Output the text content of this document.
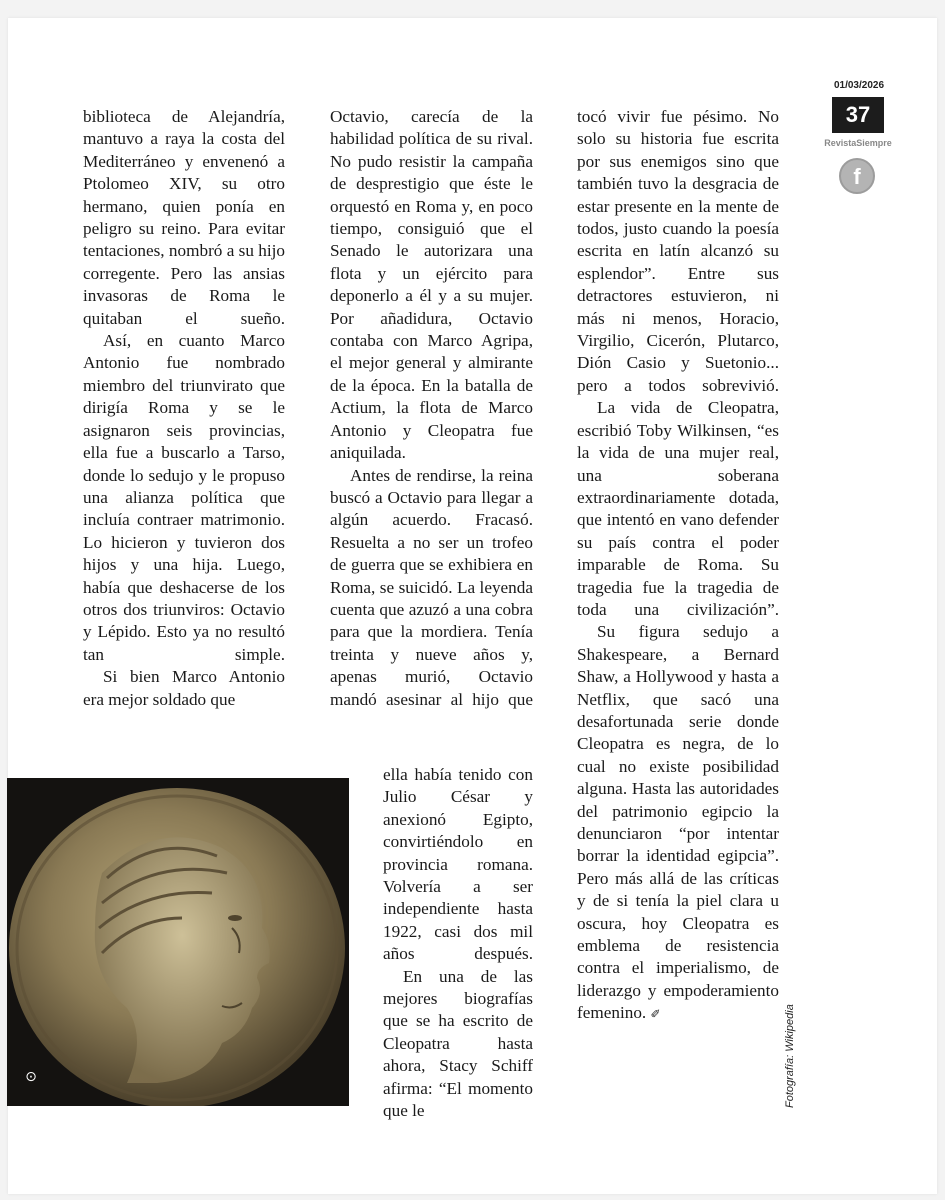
01/03/2026
37
RevistaSiempre
f

biblioteca de Alejandría, mantuvo a raya la costa del Mediterráneo y envenenó a Ptolomeo XIV, su otro hermano, quien ponía en peligro su reino. Para evitar tentaciones, nombró a su hijo corregente. Pero las ansias invasoras de Roma le quitaban el sueño.

Así, en cuanto Marco Antonio fue nombrado miembro del triunvirato que dirigía Roma y se le asignaron seis provincias, ella fue a buscarlo a Tarso, donde lo sedujo y le propuso una alianza política que incluía contraer matrimonio. Lo hicieron y tuvieron dos hijos y una hija. Luego, había que deshacerse de los otros dos triunviros: Octavio y Lépido. Esto ya no resultó tan simple.

Si bien Marco Antonio era mejor soldado que

Octavio, carecía de la habilidad política de su rival. No pudo resistir la campaña de desprestigio que éste le orquestó en Roma y, en poco tiempo, consiguió que el Senado le autorizara una flota y un ejército para deponerlo a él y a su mujer. Por añadidura, Octavio contaba con Marco Agripa, el mejor general y almirante de la época. En la batalla de Actium, la flota de Marco Antonio y Cleopatra fue aniquilada.

Antes de rendirse, la reina buscó a Octavio para llegar a algún acuerdo. Fracasó. Resuelta a no ser un trofeo de guerra que se exhibiera en Roma, se suicidó. La leyenda cuenta que azuzó a una cobra para que la mordiera. Tenía treinta y nueve años y, apenas murió, Octavio mandó asesinar al hijo que

ella había tenido con Julio César y anexionó Egipto, convirtiéndolo en provincia romana. Volvería a ser independiente hasta 1922, casi dos mil años después.

En una de las mejores biografías que se ha escrito de Cleopatra hasta ahora, Stacy Schiff afirma: “El momento que le

tocó vivir fue pésimo. No solo su historia fue escrita por sus enemigos sino que también tuvo la desgracia de estar presente en la mente de todos, justo cuando la poesía escrita en latín alcanzó su esplendor”. Entre sus detractores estuvieron, ni más ni menos, Horacio, Virgilio, Cicerón, Plutarco, Dión Casio y Suetonio... pero a todos sobrevivió.

La vida de Cleopatra, escribió Toby Wilkinsen, “es la vida de una mujer real, una soberana extraordinariamente dotada, que intentó en vano defender su país contra el poder imparable de Roma. Su tragedia fue la tragedia de toda una civilización”.

Su figura sedujo a Shakespeare, a Bernard Shaw, a Hollywood y hasta a Netflix, que sacó una desafortunada serie donde Cleopatra es negra, de lo cual no existe posibilidad alguna. Hasta las autoridades del patrimonio egipcio la denunciaron “por intentar borrar la identidad egipcia”. Pero más allá de las críticas y de si tenía la piel clara u oscura, hoy Cleopatra es emblema de resistencia contra el imperialismo, de liderazgo y empoderamiento femenino. ✐

⊙	Fotografía: Wikipedia
